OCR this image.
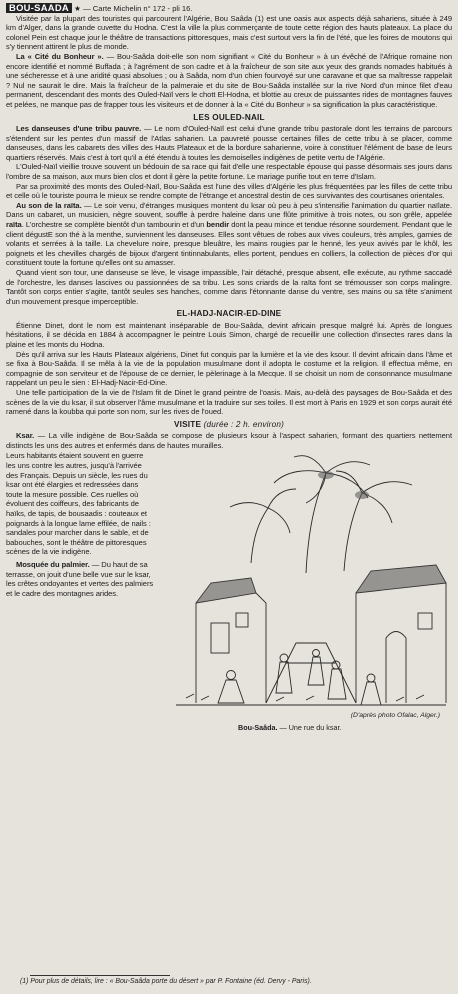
BOU-SAADA ★ — Carte Michelin n° 172 - pli 16.

Visitée par la plupart des touristes qui parcourent l'Algérie, Bou Saâda (1) est une oasis aux aspects déjà sahariens, située à 249 km d'Alger, dans la grande cuvette du Hodna. C'est la ville la plus commerçante de toute cette région des hauts plateaux. La place du colonel Pein est chaque jour le théâtre de transactions pittoresques, mais c'est surtout vers la fin de l'été, que les foires de moutons qui s'y tiennent attirent le plus de monde.

La « Cité du Bonheur ». — Bou-Saâda doit-elle son nom signifiant « Cité du Bonheur » à un évêché de l'Afrique romaine non encore identifié et nommé Buffada ; à l'agrément de son cadre et à la fraîcheur de son site aux yeux des grands nomades habitués à une sécheresse et à une aridité quasi absolues ; ou à Saâda, nom d'un chien fourvoyé sur une caravane et que sa maîtresse rappelait ? Nul ne saurait le dire. Mais la fraîcheur de la palmeraie et du site de Bou-Saâda installée sur la rive Nord d'un mince filet d'eau permanent, descendant des monts des Ouled-Naïl vers le chott El-Hodna, et blottie au creux de puissantes rides de montagnes fauves et pelées, ne manque pas de frapper tous les visiteurs et de donner à la « Cité du Bonheur » sa signification la plus caractéristique.

LES OULED-NAIL

Les danseuses d'une tribu pauvre. — Le nom d'Ouled-Naïl est celui d'une grande tribu pastorale dont les terrains de parcours s'étendent sur les pentes d'un massif de l'Atlas saharien. La pauvreté pousse certaines filles de cette tribu à se placer, comme danseuses, dans les cabarets des villes des Hauts Plateaux et de la bordure saharienne, voire à constituer l'élément de base de leurs quartiers réservés. Mais c'est à tort qu'il a été étendu à toutes les demoiselles indigènes de petite vertu de l'Algérie.

L'Ouled-Naïl vieillie trouve souvent un bédouin de sa race qui fait d'elle une respectable épouse qui passe désormais ses jours dans l'ombre de sa maison, aux murs bien clos et dont il gère la petite fortune. Le mariage purifie tout en terre d'Islam.

Par sa proximité des monts des Ouled-Naïl, Bou-Saâda est l'une des villes d'Algérie les plus fréquentées par les filles de cette tribu et celle où le touriste pourra le mieux se rendre compte de l'étrange et ancestral destin de ces survivantes des courtisanes orientales.

Au son de la raïta. — Le soir venu, d'étranges musiques montent du ksar où peu à peu s'intensifie l'animation du quartier naïlate. Dans un cabaret, un musicien, nègre souvent, souffle à perdre haleine dans une flûte primitive à trois notes, ou son grêle, appelée raïta. L'orchestre se complète bientôt d'un tambourin et d'un bendir dont la peau mince et tendue résonne sourdement. Pendant que le client dégustE son thé à la menthe, surviennent les danseuses. Elles sont vêtues de robes aux vives couleurs, très amples, garnies de volants et serrées à la taille. La chevelure noire, presque bleuâtre, les mains rougies par le henné, les yeux avivés par le khôl, les poignets et les chevilles chargés de bijoux d'argent tintinnabulants, elles portent, pendues en colliers, la collection de pièces d'or qui constituent toute la fortune qu'elles ont su amasser.

Quand vient son tour, une danseuse se lève, le visage impassible, l'air détaché, presque absent, elle exécute, au rythme saccadé de l'orchestre, les danses lascives ou passionnées de sa tribu. Les sons criards de la raïta font se trémousser son corps malingre. Tantôt son corps entier s'agite, tantôt seules ses hanches, comme dans l'étonnante danse du ventre, ses mains ou sa tête s'animent d'un mouvement presque imperceptible.

EL-HADJ-NACIR-ED-DINE

Étienne Dinet, dont le nom est maintenant inséparable de Bou-Saâda, devint africain presque malgré lui. Après de longues hésitations, il se décida en 1884 à accompagner le peintre Louis Simon, chargé de recueillir une collection d'insectes rares dans la plaine et les monts du Hodna.

Dès qu'il arriva sur les Hauts Plateaux algériens, Dinet fut conquis par la lumière et la vie des ksour. Il devint africain dans l'âme et se fixa à Bou-Saâda. Il se mêla à la vie de la population musulmane dont il adopta le costume et la religion. Il effectua même, en compagnie de son serviteur et de l'épouse de ce dernier, le pèlerinage à la Mecque. Il se choisit un nom de consonnance musulmane rappelant un peu le sien : El-Hadj-Nacir-Ed-Dine.

Une telle participation de la vie de l'Islam fit de Dinet le grand peintre de l'oasis. Mais, au-delà des paysages de Bou-Saâda et des scènes de la vie du ksar, il sut observer l'âme musulmane et la traduire sur ses toiles. Il est mort à Paris en 1929 et son corps aurait été ramené dans la koubba qui porte son nom, sur les rives de l'oued.

VISITE (durée : 2 h. environ)

Ksar. — La ville indigène de Bou-Saâda se compose de plusieurs ksour à l'aspect saharien, formant des quartiers nettement distincts les uns des autres et enfermés dans de hautes murailles.

Leurs habitants étaient souvent en guerre les uns contre les autres, jusqu'à l'arrivée des Français. Depuis un siècle, les rues du ksar ont été élargies et redressées dans toute la mesure possible. Ces ruelles où évoluent des coiffeurs, des fabricants de haïks, de tapis, de bousaadis : couteaux et poignards à la longue lame effilée, de nails : sandales pour marcher dans le sable, et de babouches, sont le théâtre de pittoresques scènes de la vie indigène.

Mosquée du palmier. — Du haut de sa terrasse, on jouit d'une belle vue sur le ksar, les crêtes ondoyantes et vertes des palmiers et le cadre des montagnes arides.

(D'après photo Ofalac, Alger.)
Bou-Saâda. — Une rue du ksar.
(1) Pour plus de détails, lire : « Bou-Saâda porte du désert » par P. Fontaine (éd. Dervy - Paris).
